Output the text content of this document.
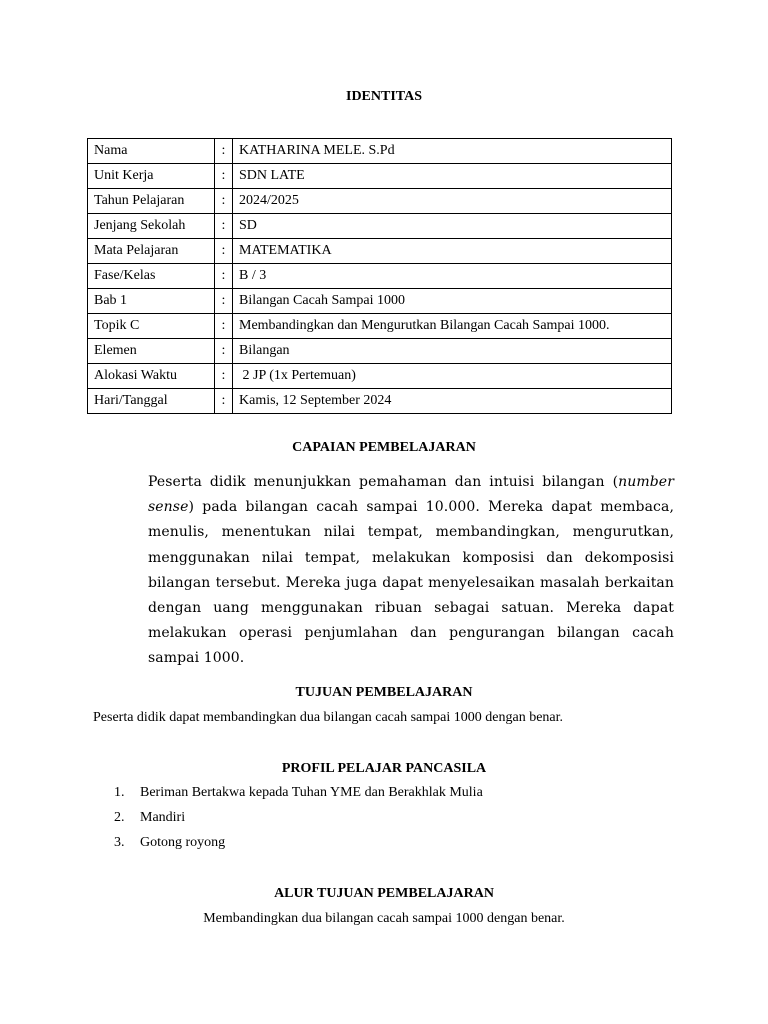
IDENTITAS
Nama	:	KATHARINA MELE. S.Pd
Unit Kerja	:	SDN LATE
Tahun Pelajaran	:	2024/2025
Jenjang Sekolah	:	SD
Mata Pelajaran	:	MATEMATIKA
Fase/Kelas	:	B / 3
Bab 1	:	Bilangan Cacah Sampai 1000
Topik C	:	Membandingkan dan Mengurutkan Bilangan Cacah Sampai 1000.
Elemen	:	Bilangan
Alokasi Waktu	:	2 JP (1x Pertemuan)
Hari/Tanggal	:	Kamis, 12 September 2024
CAPAIAN PEMBELAJARAN
Peserta didik menunjukkan pemahaman dan intuisi bilangan (number sense) pada bilangan cacah sampai 10.000. Mereka dapat membaca, menulis, menentukan nilai tempat, membandingkan, mengurutkan, menggunakan nilai tempat, melakukan komposisi dan dekomposisi bilangan tersebut. Mereka juga dapat menyelesaikan masalah berkaitan dengan uang menggunakan ribuan sebagai satuan. Mereka dapat melakukan operasi penjumlahan dan pengurangan bilangan cacah sampai 1000.
TUJUAN PEMBELAJARAN
Peserta didik dapat membandingkan dua bilangan cacah sampai 1000 dengan benar.
PROFIL PELAJAR PANCASILA
1. Beriman Bertakwa kepada Tuhan YME dan Berakhlak Mulia
2. Mandiri
3. Gotong royong
ALUR TUJUAN PEMBELAJARAN
Membandingkan dua bilangan cacah sampai 1000 dengan benar.
